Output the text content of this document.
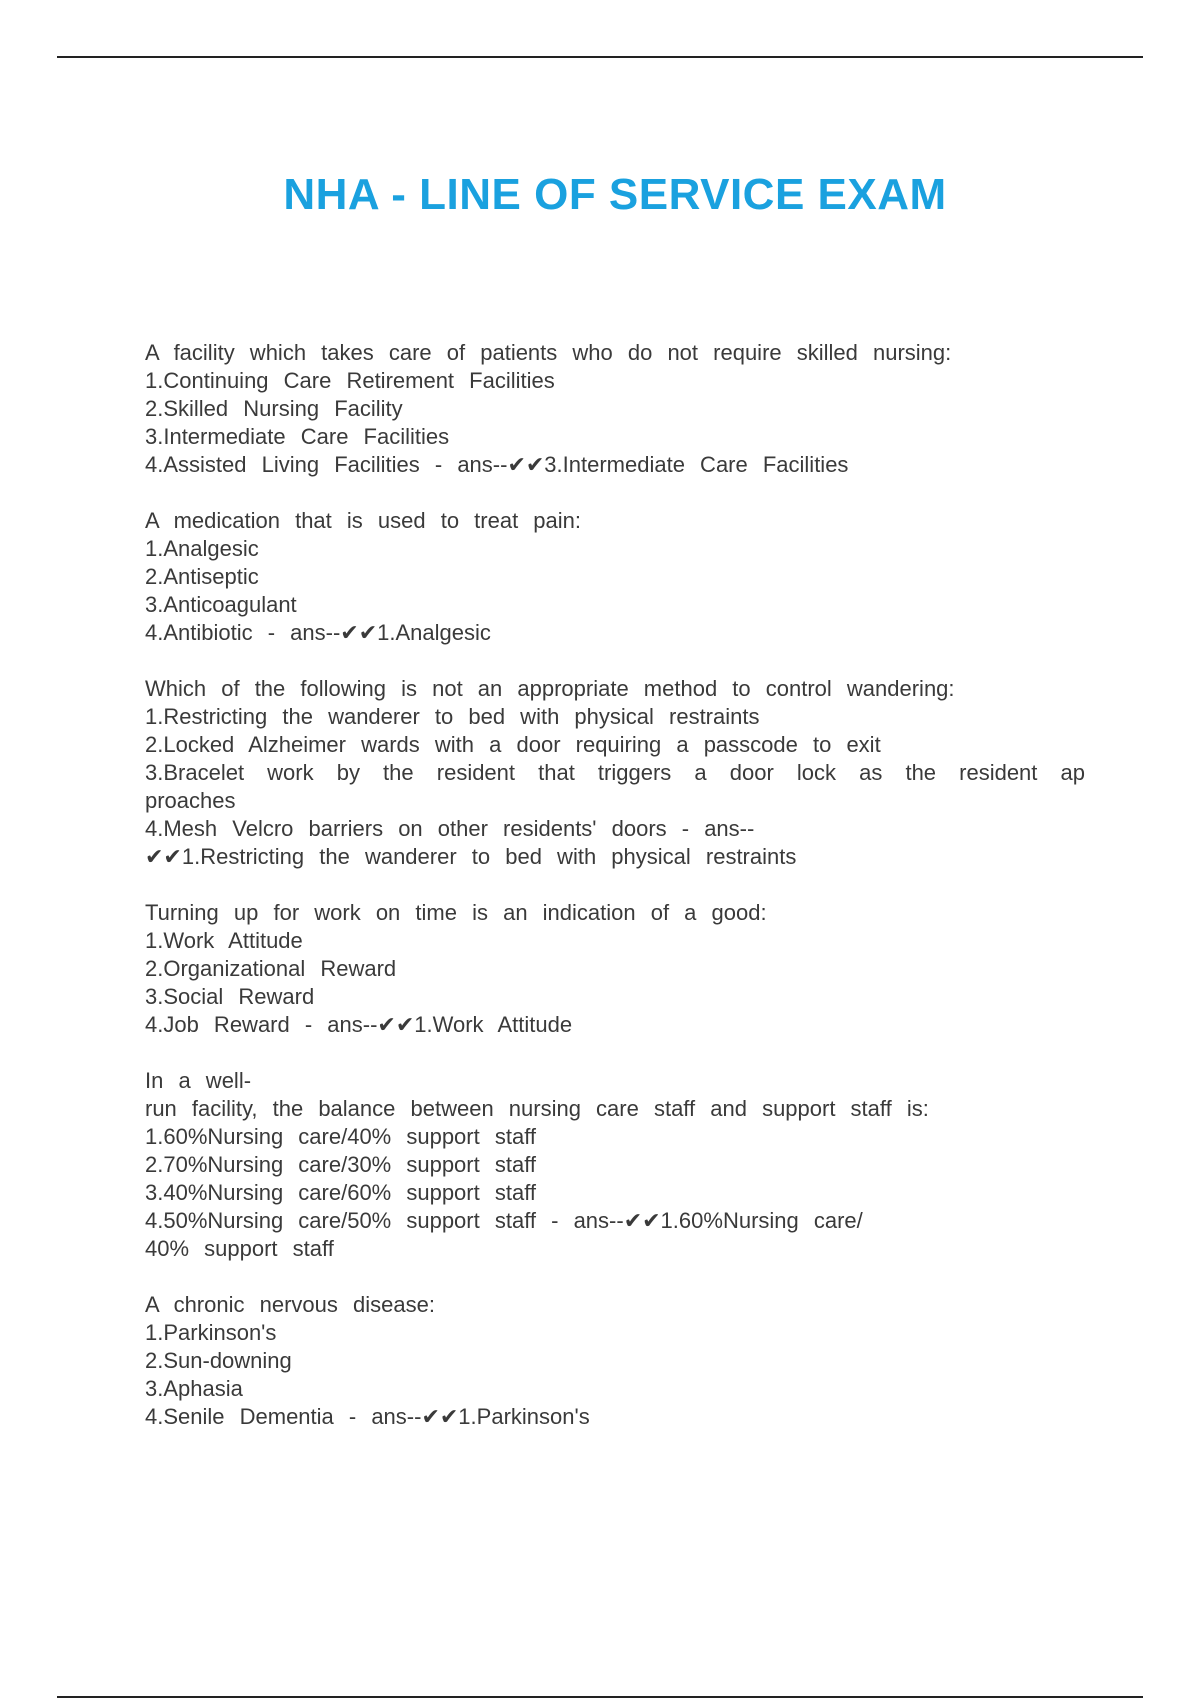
NHA - LINE OF SERVICE EXAM
A facility which takes care of patients who do not require skilled nursing:
1.Continuing Care Retirement Facilities
2.Skilled Nursing Facility
3.Intermediate Care Facilities
4.Assisted Living Facilities - ans--✔✔3.Intermediate Care Facilities
A medication that is used to treat pain:
1.Analgesic
2.Antiseptic
3.Anticoagulant
4.Antibiotic - ans--✔✔1.Analgesic
Which of the following is not an appropriate method to control wandering:
1.Restricting the wanderer to bed with physical restraints
2.Locked Alzheimer wards with a door requiring a passcode to exit
3.Bracelet work by the resident that triggers a door lock as the resident ap
proaches
4.Mesh Velcro barriers on other residents' doors - ans--
✔✔1.Restricting the wanderer to bed with physical restraints
Turning up for work on time is an indication of a good:
1.Work Attitude
2.Organizational Reward
3.Social Reward
4.Job Reward - ans--✔✔1.Work Attitude
In a well-
run facility, the balance between nursing care staff and support staff is:
1.60%Nursing care/40% support staff
2.70%Nursing care/30% support staff
3.40%Nursing care/60% support staff
4.50%Nursing care/50% support staff - ans--✔✔1.60%Nursing care/
40% support staff
A chronic nervous disease:
1.Parkinson's
2.Sun-downing
3.Aphasia
4.Senile Dementia - ans--✔✔1.Parkinson's
